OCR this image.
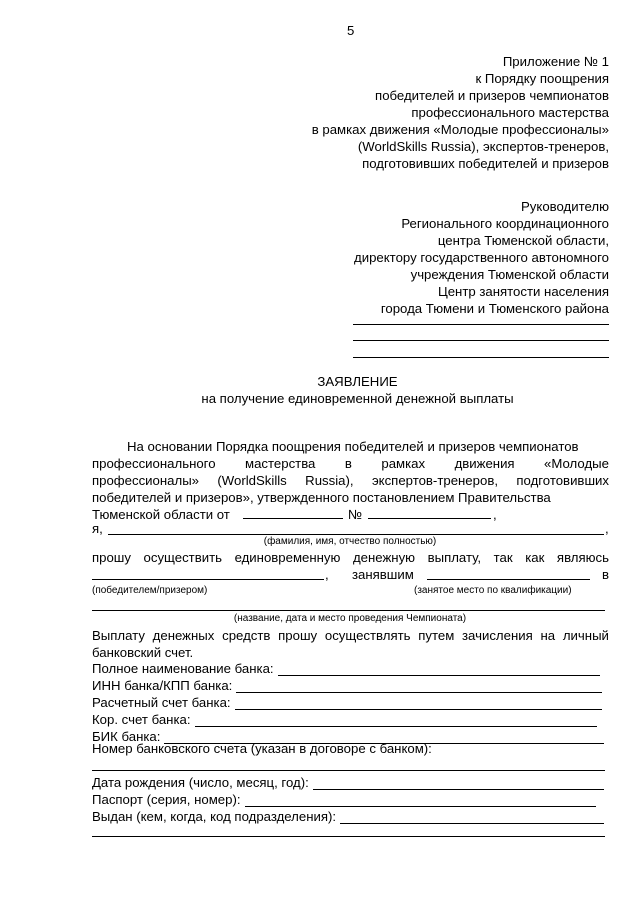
5
Приложение № 1
к Порядку поощрения
победителей и призеров чемпионатов
профессионального мастерства
в рамках движения «Молодые профессионалы»
(WorldSkills Russia), экспертов-тренеров,
подготовивших победителей и призеров
Руководителю
Регионального координационного
центра Тюменской области,
директору государственного автономного
учреждения Тюменской области
Центр занятости населения
города Тюмени и Тюменского района
ЗАЯВЛЕНИЕ
на получение единовременной денежной выплаты
На основании Порядка поощрения победителей и призеров чемпионатов
профессионального мастерства в рамках движения «Молодые
профессионалы» (WorldSkills Russia), экспертов-тренеров, подготовивших
победителей и призеров», утвержденного постановлением Правительства
Тюменской области от	№	,
я,	,
(фамилия, имя, отчество полностью)
прошу осуществить единовременную денежную выплату, так как являюсь
, занявшим	в
(победителем/призером)	(занятое место по квалификации)
(название, дата и место проведения Чемпионата)
Выплату денежных средств прошу осуществлять путем зачисления на личный
банковский счет.
Полное наименование банка:
ИНН банка/КПП банка:
Расчетный счет банка:
Кор. счет банка:
БИК банка:
Номер банковского счета (указан в договоре с банком):
Дата рождения (число, месяц, год):
Паспорт (серия, номер):
Выдан (кем, когда, код подразделения):
